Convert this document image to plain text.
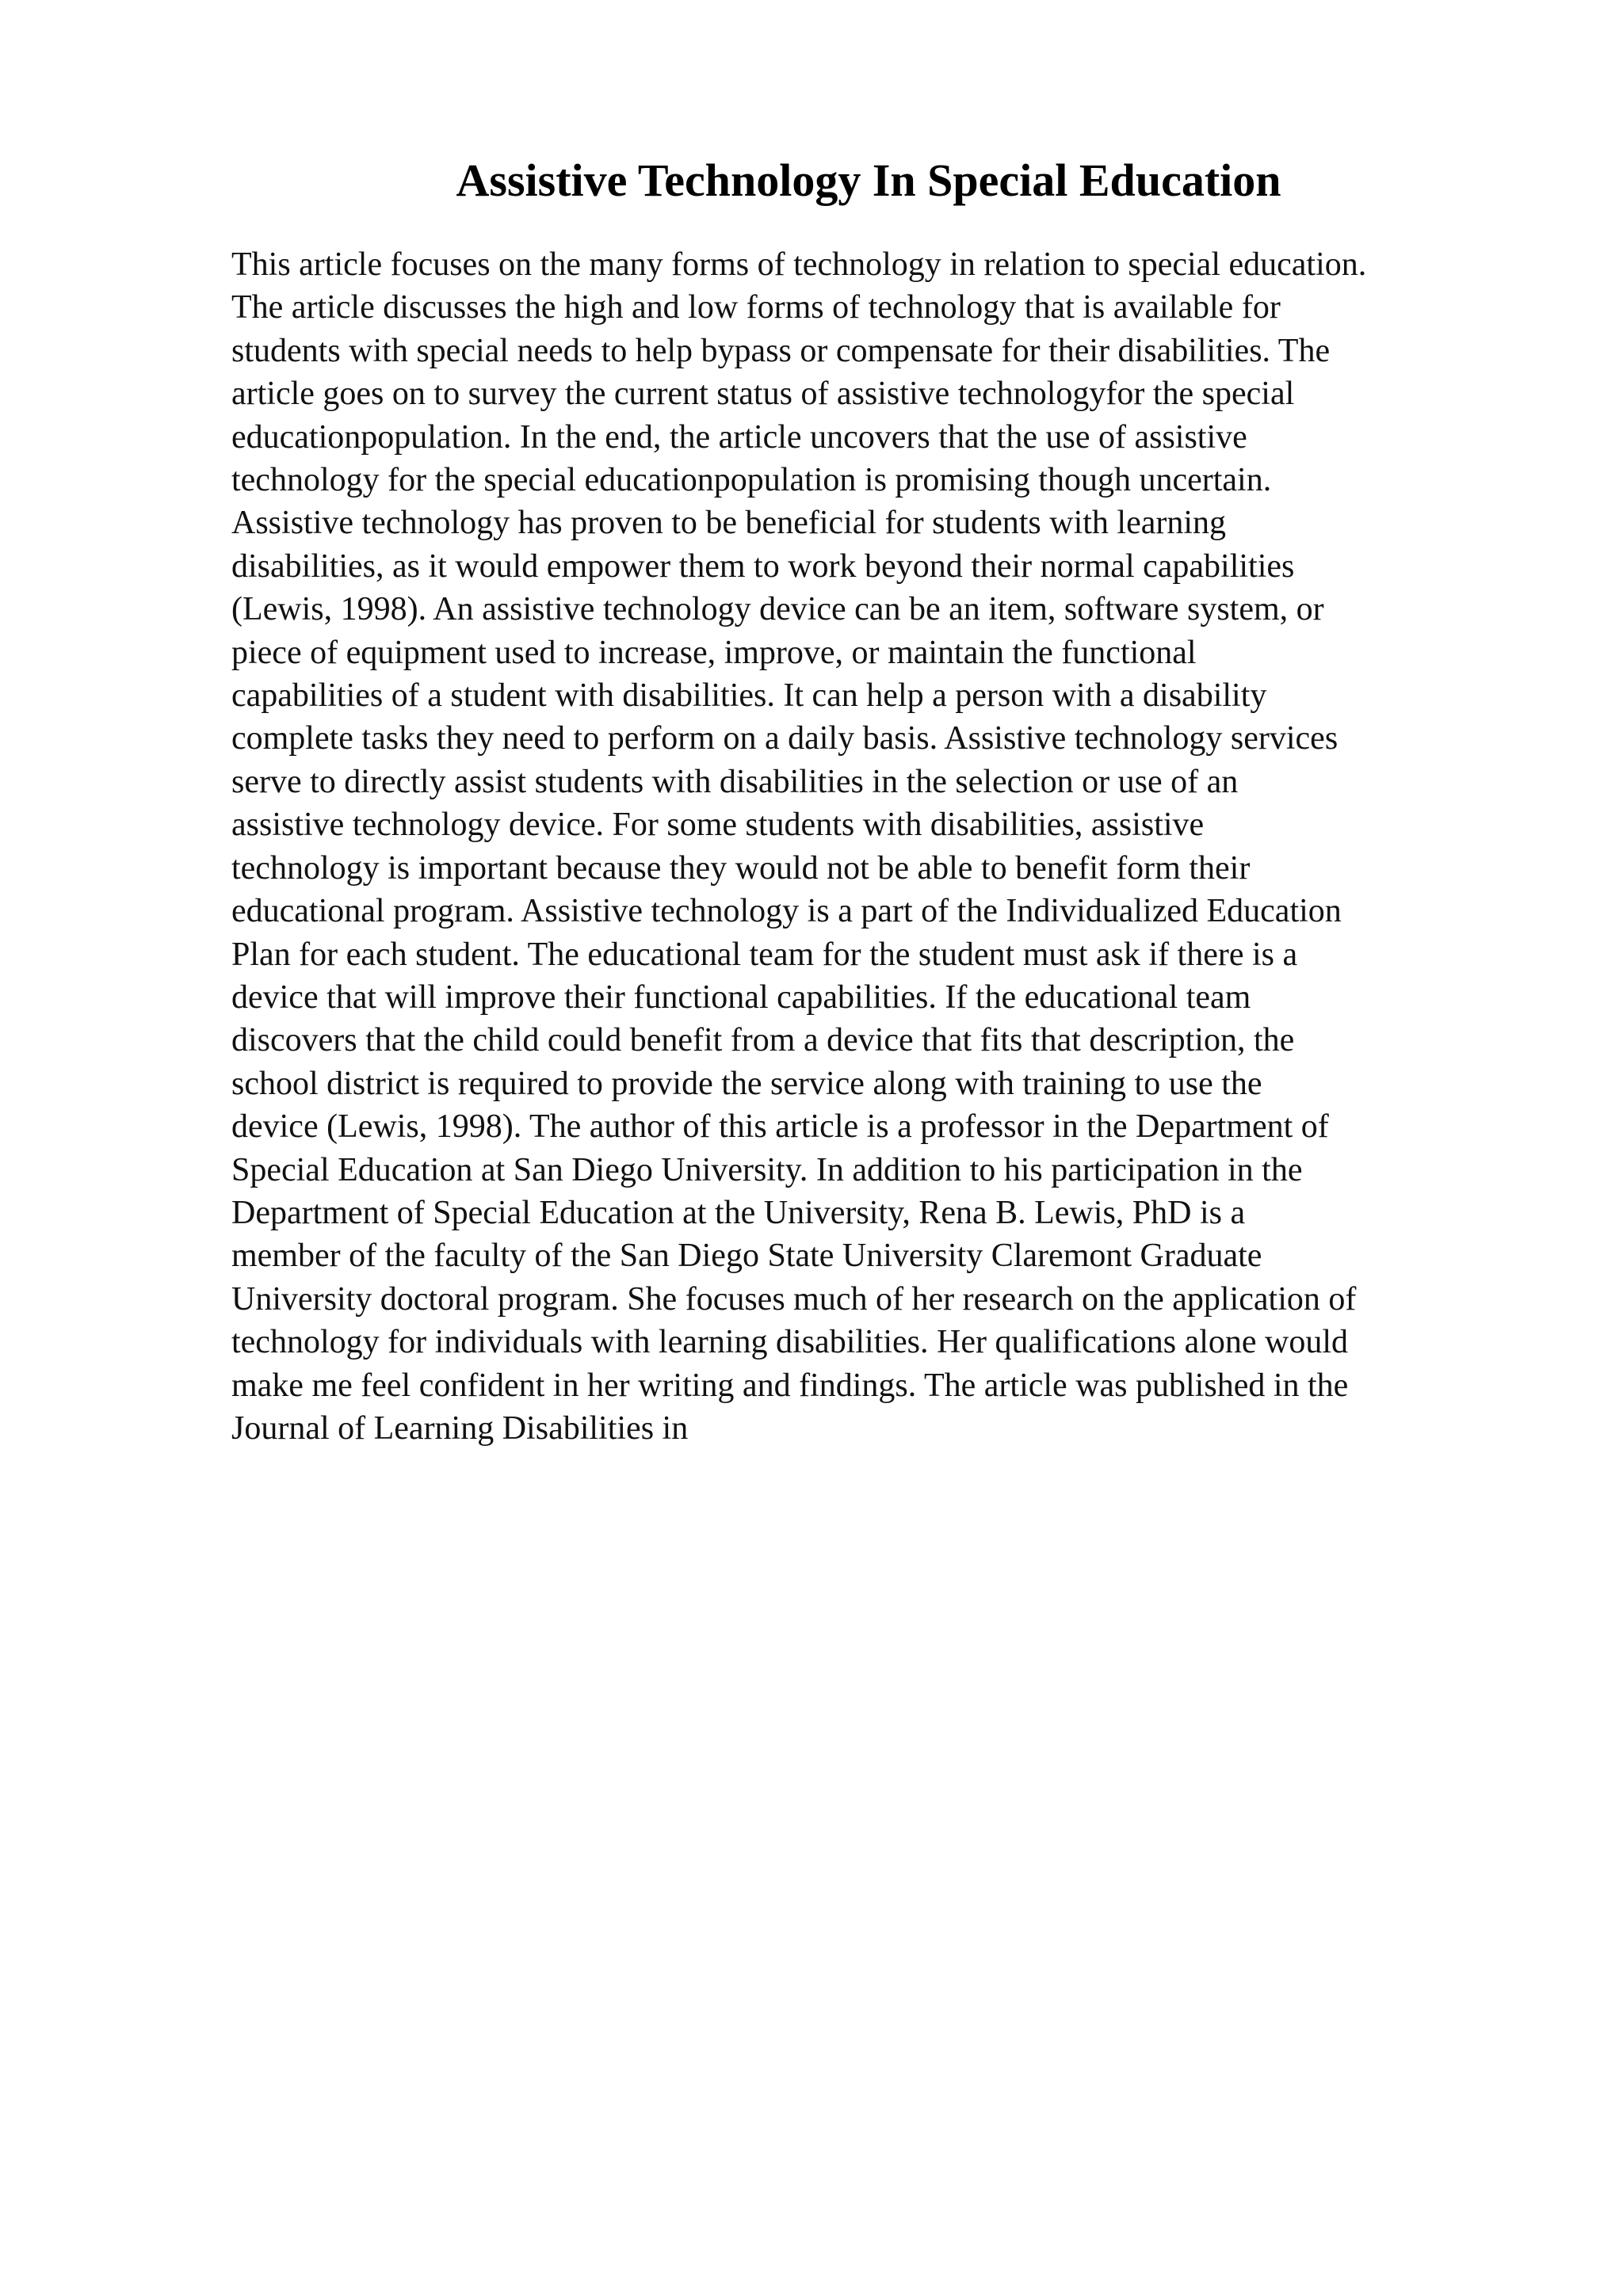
Assistive Technology In Special Education
This article focuses on the many forms of technology in relation to special education.
The article discusses the high and low forms of technology that is available for
students with special needs to help bypass or compensate for their disabilities. The
article goes on to survey the current status of assistive technologyfor the special
educationpopulation. In the end, the article uncovers that the use of assistive
technology for the special educationpopulation is promising though uncertain.
Assistive technology has proven to be beneficial for students with learning
disabilities, as it would empower them to work beyond their normal capabilities
(Lewis, 1998). An assistive technology device can be an item, software system, or
piece of equipment used to increase, improve, or maintain the functional
capabilities of a student with disabilities. It can help a person with a disability
complete tasks they need to perform on a daily basis. Assistive technology services
serve to directly assist students with disabilities in the selection or use of an
assistive technology device. For some students with disabilities, assistive
technology is important because they would not be able to benefit form their
educational program. Assistive technology is a part of the Individualized Education
Plan for each student. The educational team for the student must ask if there is a
device that will improve their functional capabilities. If the educational team
discovers that the child could benefit from a device that fits that description, the
school district is required to provide the service along with training to use the
device (Lewis, 1998). The author of this article is a professor in the Department of
Special Education at San Diego University. In addition to his participation in the
Department of Special Education at the University, Rena B. Lewis, PhD is a
member of the faculty of the San Diego State University Claremont Graduate
University doctoral program. She focuses much of her research on the application of
technology for individuals with learning disabilities. Her qualifications alone would
make me feel confident in her writing and findings. The article was published in the
Journal of Learning Disabilities in
